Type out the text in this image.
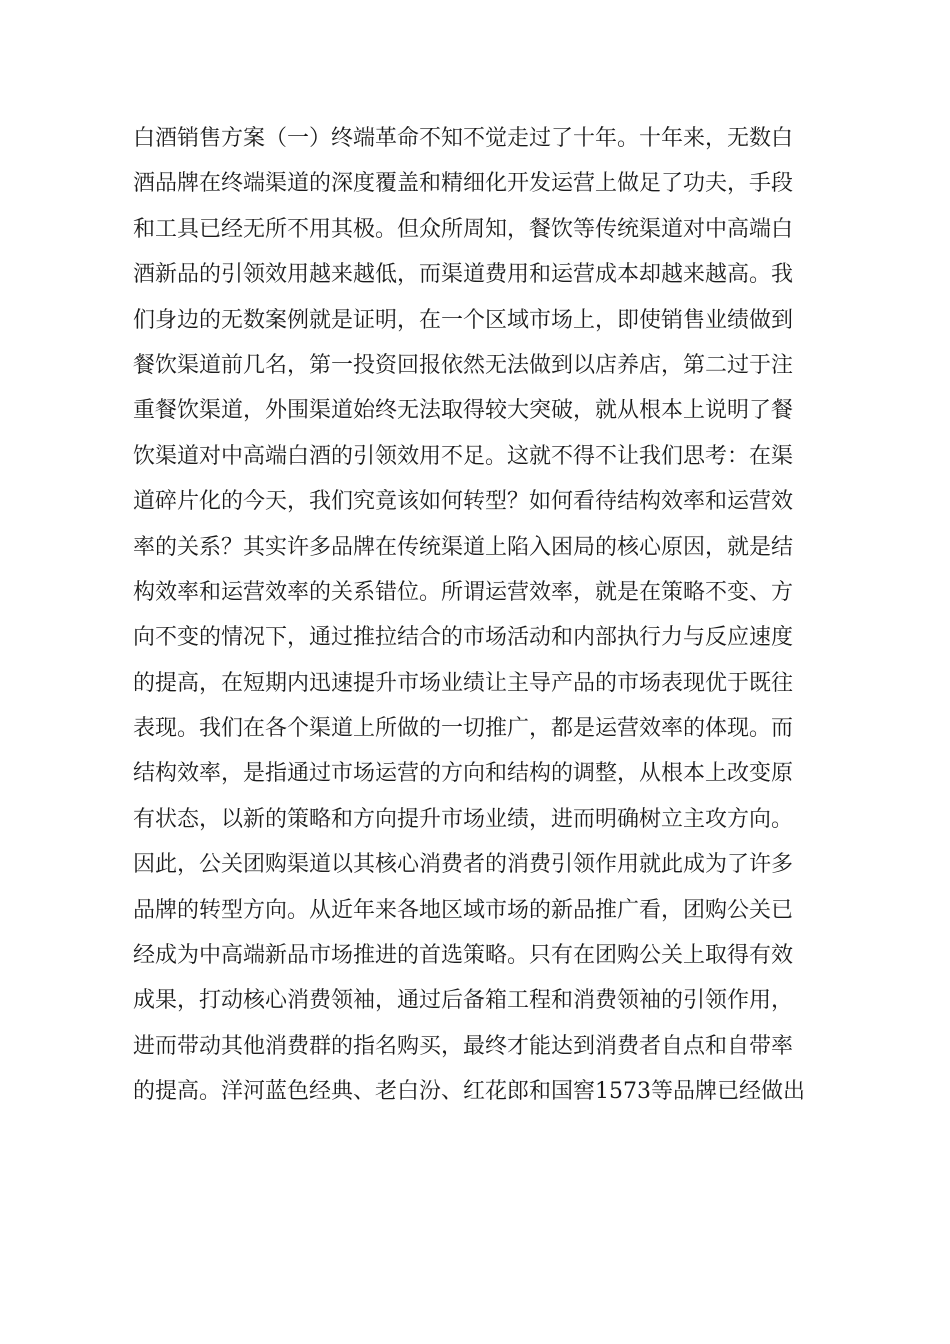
白酒销售方案（一）终端革命不知不觉走过了十年。十年来，无数白
酒品牌在终端渠道的深度覆盖和精细化开发运营上做足了功夫，手段
和工具已经无所不用其极。但众所周知，餐饮等传统渠道对中高端白
酒新品的引领效用越来越低，而渠道费用和运营成本却越来越高。我
们身边的无数案例就是证明，在一个区域市场上，即使销售业绩做到
餐饮渠道前几名，第一投资回报依然无法做到以店养店，第二过于注
重餐饮渠道，外围渠道始终无法取得较大突破，就从根本上说明了餐
饮渠道对中高端白酒的引领效用不足。这就不得不让我们思考：在渠
道碎片化的今天，我们究竟该如何转型？如何看待结构效率和运营效
率的关系？其实许多品牌在传统渠道上陷入困局的核心原因，就是结
构效率和运营效率的关系错位。所谓运营效率，就是在策略不变、方
向不变的情况下，通过推拉结合的市场活动和内部执行力与反应速度
的提高，在短期内迅速提升市场业绩让主导产品的市场表现优于既往
表现。我们在各个渠道上所做的一切推广，都是运营效率的体现。而
结构效率，是指通过市场运营的方向和结构的调整，从根本上改变原
有状态，以新的策略和方向提升市场业绩，进而明确树立主攻方向。
因此，公关团购渠道以其核心消费者的消费引领作用就此成为了许多
品牌的转型方向。从近年来各地区域市场的新品推广看，团购公关已
经成为中高端新品市场推进的首选策略。只有在团购公关上取得有效
成果，打动核心消费领袖，通过后备箱工程和消费领袖的引领作用，
进而带动其他消费群的指名购买，最终才能达到消费者自点和自带率
的提高。洋河蓝色经典、老白汾、红花郎和国窖1573等品牌已经做出
